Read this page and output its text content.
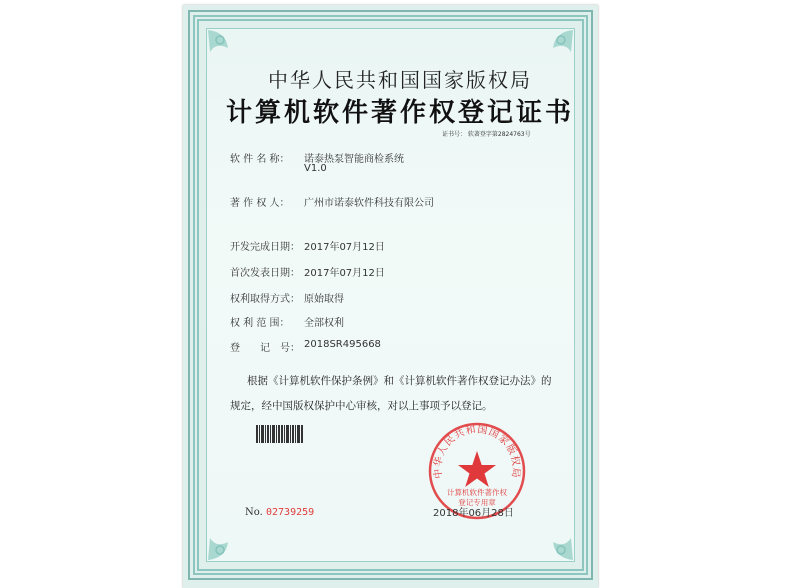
中华人民共和国国家版权局
计算机软件著作权登记证书
证书号： 软著登字第2824763号
软 件 名 称： 诺泰热泵智能商检系统
V1.0
著 作 权 人： 广州市诺泰软件科技有限公司
开发完成日期： 2017年07月12日
首次发表日期： 2017年07月12日
权利取得方式： 原始取得
权 利 范 围： 全部权利
登　　记　号： 2018SR495668
根据《计算机软件保护条例》和《计算机软件著作权登记办法》的
规定，经中国版权保护中心审核，对以上事项予以登记。
中华人民共和国国家版权局
计算机软件著作权
登记专用章
No. 02739259	2018年06月28日
